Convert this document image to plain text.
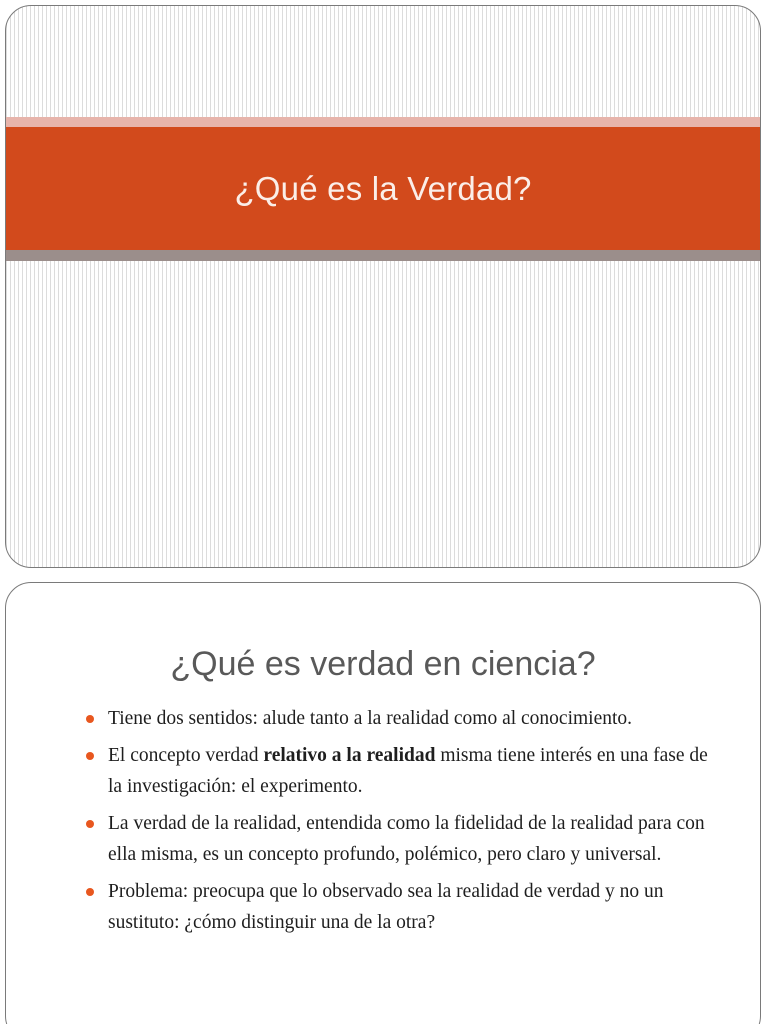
¿Qué es la Verdad?
¿Qué es verdad en ciencia?
Tiene dos sentidos: alude tanto a la realidad como al conocimiento.
El concepto verdad relativo a la realidad misma tiene interés en una fase de la investigación: el experimento.
La verdad de la realidad, entendida como la fidelidad de la realidad para con ella misma, es un concepto profundo, polémico, pero claro y universal.
Problema: preocupa que lo observado sea la realidad de verdad y no un sustituto: ¿cómo distinguir una de la otra?
